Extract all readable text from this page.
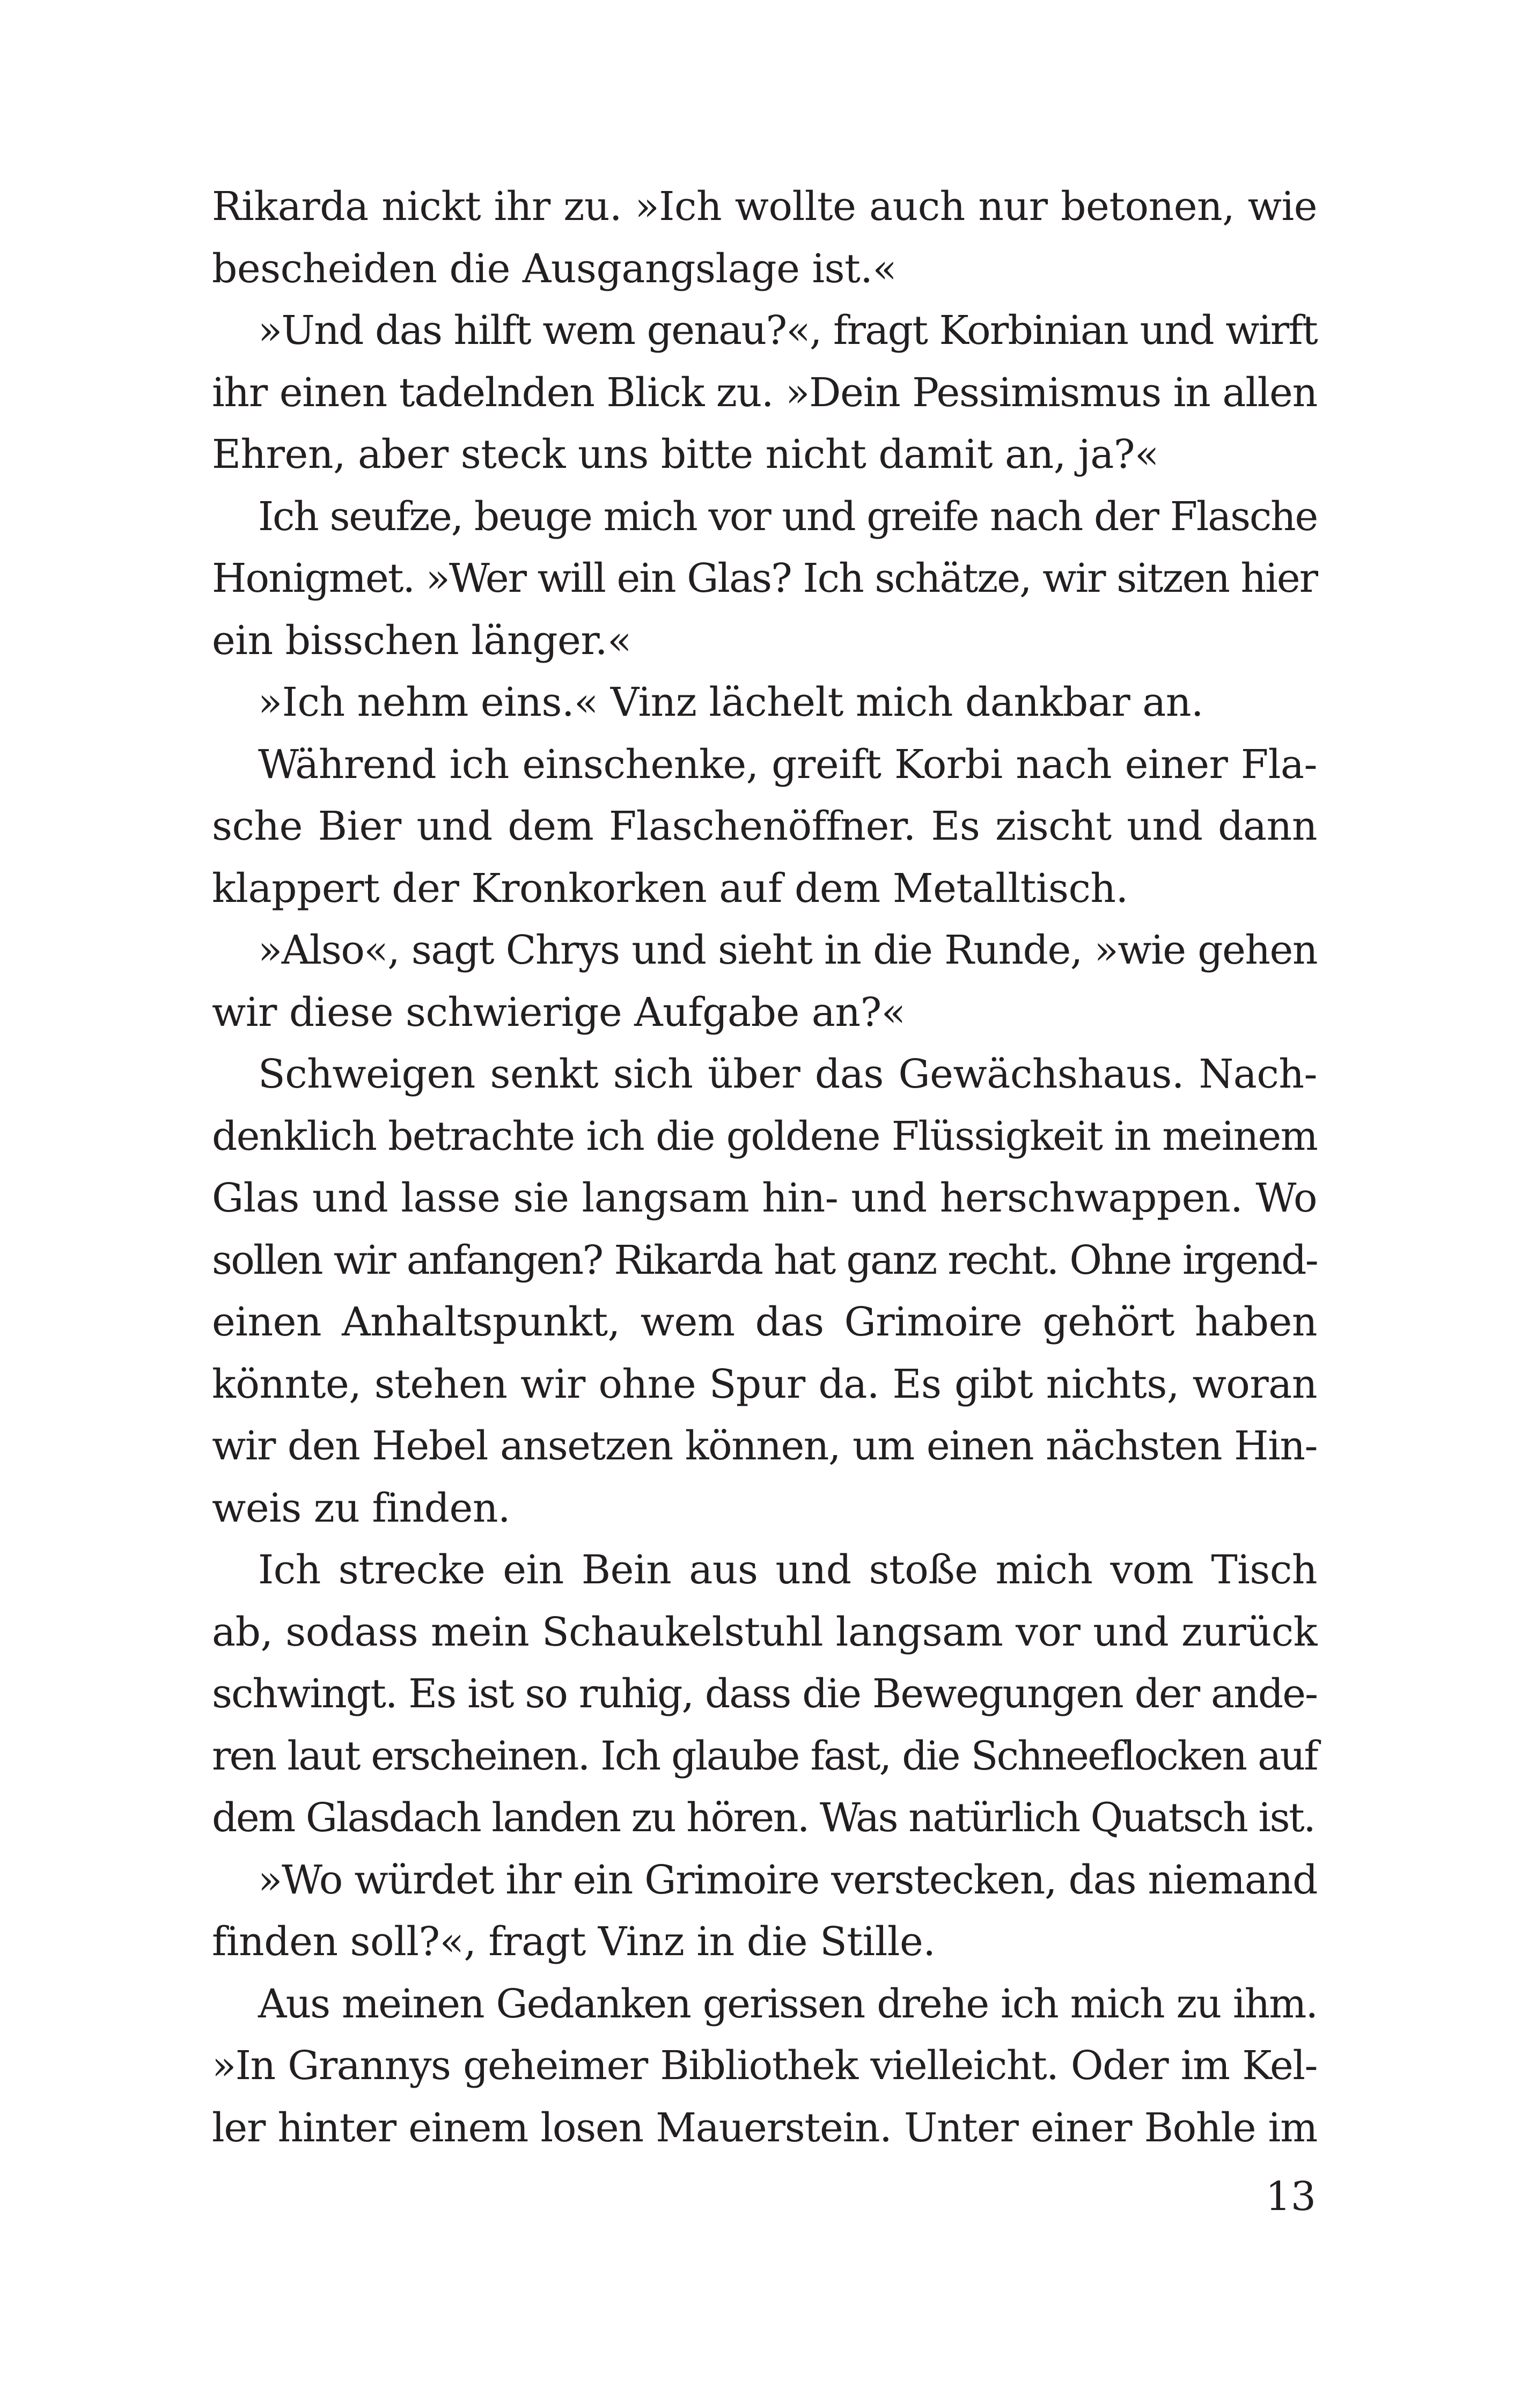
Rikarda nickt ihr zu. »Ich wollte auch nur betonen, wie
bescheiden die Ausgangslage ist.«
»Und das hilft wem genau?«, fragt Korbinian und wirft
ihr einen tadelnden Blick zu. »Dein Pessimismus in allen
Ehren, aber steck uns bitte nicht damit an, ja?«
Ich seufze, beuge mich vor und greife nach der Flasche
Honigmet. »Wer will ein Glas? Ich schätze, wir sitzen hier
ein bisschen länger.«
»Ich nehm eins.« Vinz lächelt mich dankbar an.
Während ich einschenke, greift Korbi nach einer Fla-
sche Bier und dem Flaschenöffner. Es zischt und dann
klappert der Kronkorken auf dem Metalltisch.
»Also«, sagt Chrys und sieht in die Runde, »wie gehen
wir diese schwierige Aufgabe an?«
Schweigen senkt sich über das Gewächshaus. Nach-
denklich betrachte ich die goldene Flüssigkeit in meinem
Glas und lasse sie langsam hin- und herschwappen. Wo
sollen wir anfangen? Rikarda hat ganz recht. Ohne irgend-
einen Anhaltspunkt, wem das Grimoire gehört haben
könnte, stehen wir ohne Spur da. Es gibt nichts, woran
wir den Hebel ansetzen können, um einen nächsten Hin-
weis zu finden.
Ich strecke ein Bein aus und stoße mich vom Tisch
ab, sodass mein Schaukelstuhl langsam vor und zurück
schwingt. Es ist so ruhig, dass die Bewegungen der ande-
ren laut erscheinen. Ich glaube fast, die Schneeflocken auf
dem Glasdach landen zu hören. Was natürlich Quatsch ist.
»Wo würdet ihr ein Grimoire verstecken, das niemand
finden soll?«, fragt Vinz in die Stille.
Aus meinen Gedanken gerissen drehe ich mich zu ihm.
»In Grannys geheimer Bibliothek vielleicht. Oder im Kel-
ler hinter einem losen Mauerstein. Unter einer Bohle im
13
